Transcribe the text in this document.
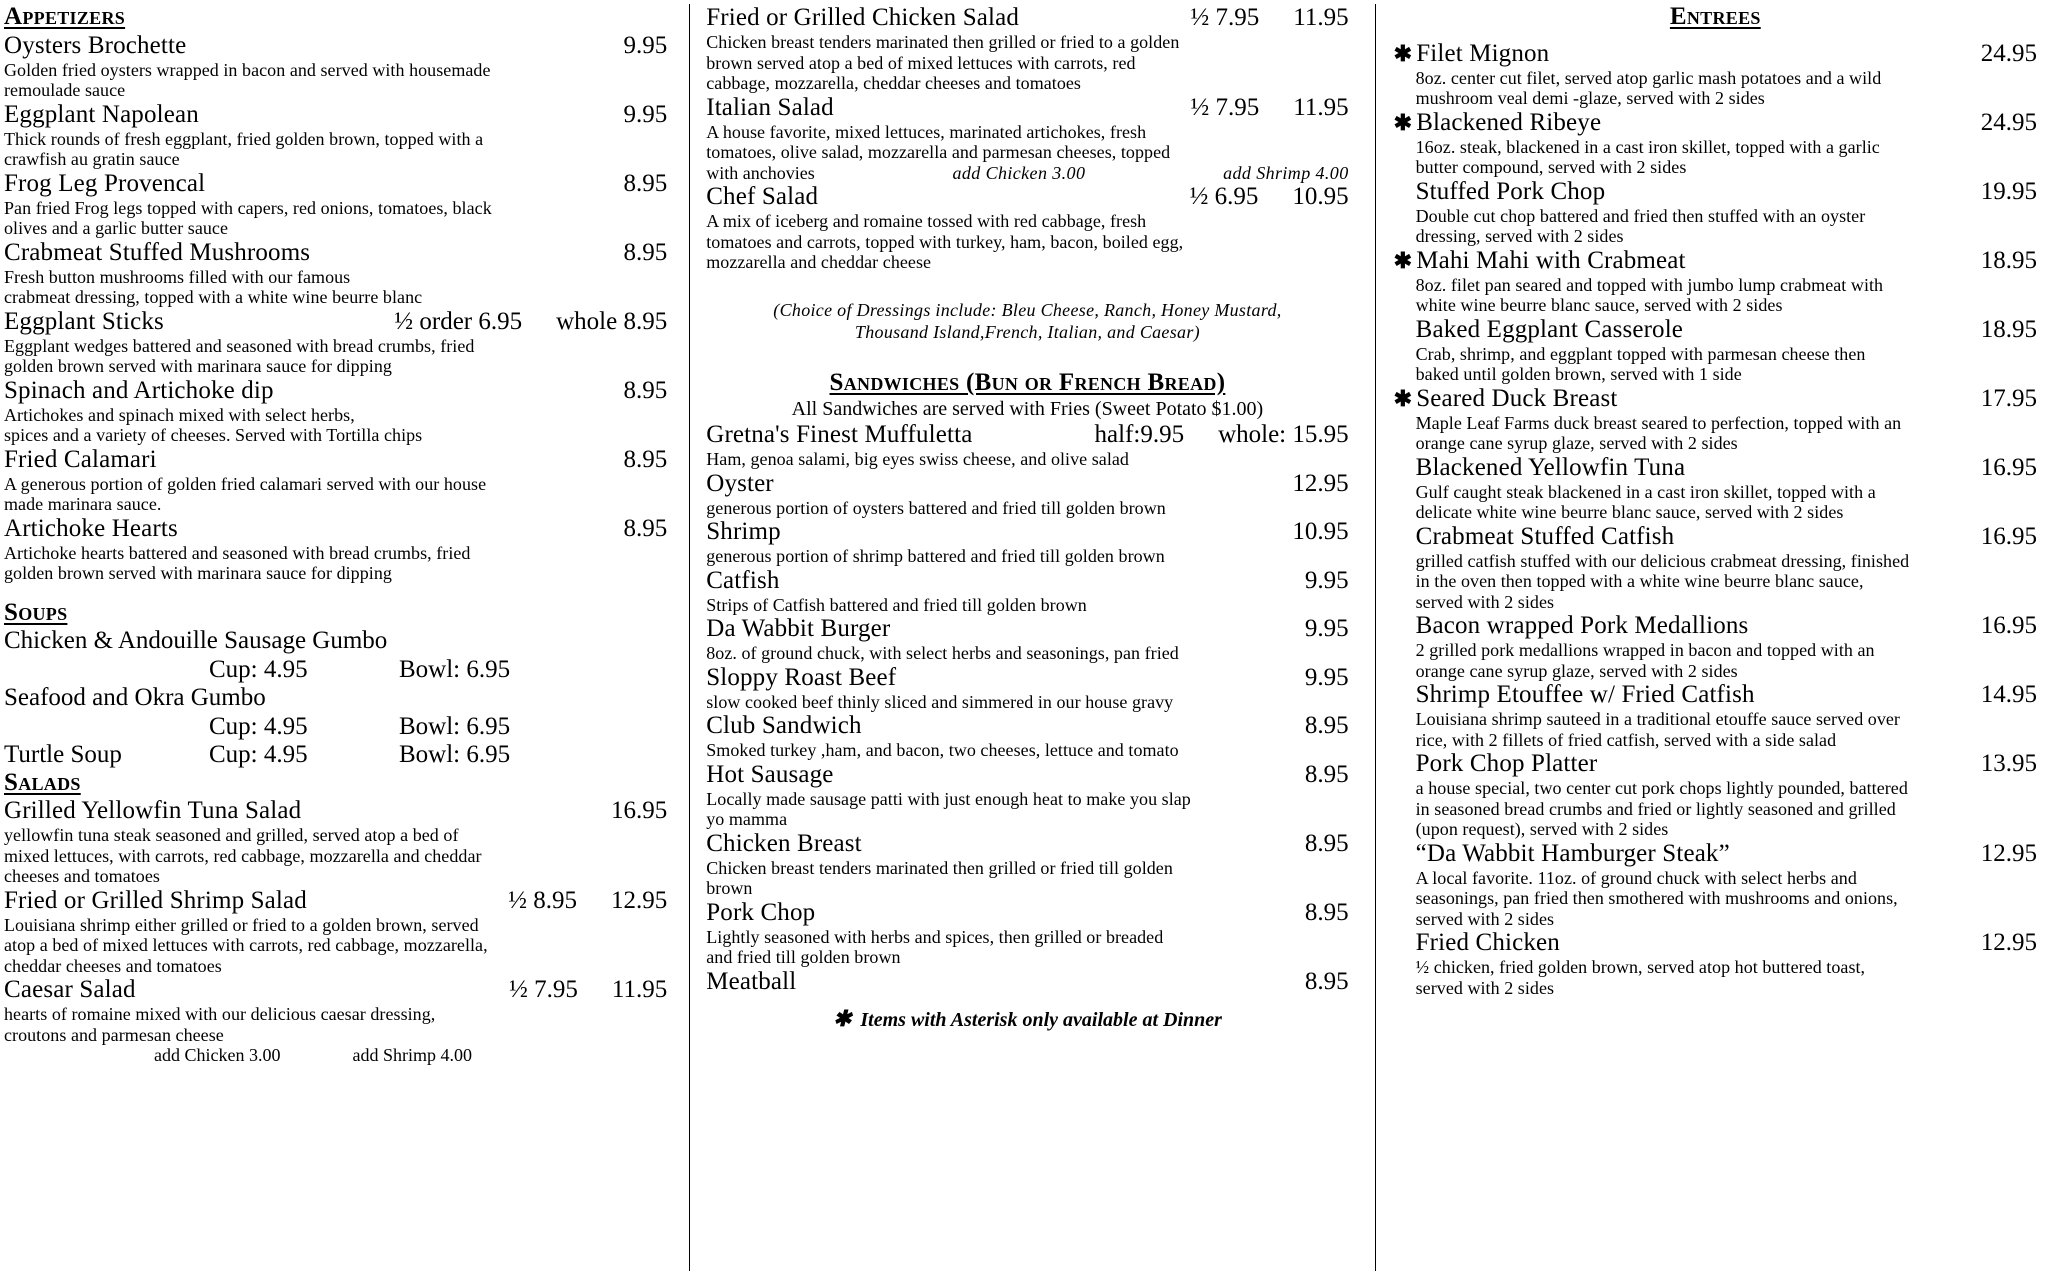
Appetizers
Oysters Brochette	9.95
Golden fried oysters wrapped in bacon and served with housemade
remoulade sauce
Eggplant Napolean	9.95
Thick rounds of fresh eggplant, fried golden brown, topped with a
crawfish au gratin sauce
Frog Leg Provencal	8.95
Pan fried Frog legs topped with capers, red onions, tomatoes, black
olives and a garlic butter sauce
Crabmeat Stuffed Mushrooms	8.95
Fresh button mushrooms filled with our famous
crabmeat dressing, topped with a white wine beurre blanc
Eggplant Sticks	½ order 6.95	whole 8.95
Eggplant wedges battered and seasoned with bread crumbs, fried
golden brown served with marinara sauce for dipping
Spinach and Artichoke dip	8.95
Artichokes and spinach mixed with select herbs,
spices and a variety of cheeses. Served with Tortilla chips
Fried Calamari	8.95
A generous portion of golden fried calamari served with our house
made marinara sauce.
Artichoke Hearts	8.95
Artichoke hearts battered and seasoned with bread crumbs, fried
golden brown served with marinara sauce for dipping
Soups
Chicken & Andouille Sausage Gumbo
Cup: 4.95	Bowl: 6.95
Seafood and Okra Gumbo
Cup: 4.95	Bowl: 6.95
Turtle Soup	Cup: 4.95	Bowl: 6.95
Salads
Grilled Yellowfin Tuna Salad	16.95
yellowfin tuna steak seasoned and grilled, served atop a bed of
mixed lettuces, with carrots, red cabbage, mozzarella and cheddar
cheeses and tomatoes
Fried or Grilled Shrimp Salad	½ 8.95	12.95
Louisiana shrimp either grilled or fried to a golden brown, served
atop a bed of mixed lettuces with carrots, red cabbage, mozzarella,
cheddar cheeses and tomatoes
Caesar Salad	½ 7.95	11.95
hearts of romaine mixed with our delicious caesar dressing,
croutons and parmesan cheese
add Chicken 3.00	add Shrimp 4.00
Fried or Grilled Chicken Salad	½ 7.95	11.95
Chicken breast tenders marinated then grilled or fried to a golden
brown served atop a bed of mixed lettuces with carrots, red
cabbage, mozzarella, cheddar cheeses and tomatoes
Italian Salad	½ 7.95	11.95
A house favorite, mixed lettuces, marinated artichokes, fresh
tomatoes, olive salad, mozzarella and parmesan cheeses, topped
with anchovies	add Chicken 3.00	add Shrimp 4.00
Chef Salad	½ 6.95	10.95
A mix of iceberg and romaine tossed with red cabbage, fresh
tomatoes and carrots, topped with turkey, ham, bacon, boiled egg,
mozzarella and cheddar cheese
(Choice of Dressings include: Bleu Cheese, Ranch, Honey Mustard,
Thousand Island,French, Italian, and Caesar)
Sandwiches (Bun or French Bread)
All Sandwiches are served with Fries (Sweet Potato $1.00)
Gretna's Finest Muffuletta	half:9.95	whole: 15.95
Ham, genoa salami, big eyes swiss cheese, and olive salad
Oyster	12.95
generous portion of oysters battered and fried till golden brown
Shrimp	10.95
generous portion of shrimp battered and fried till golden brown
Catfish	9.95
Strips of Catfish battered and fried till golden brown
Da Wabbit Burger	9.95
8oz. of ground chuck, with select herbs and seasonings, pan fried
Sloppy Roast Beef	9.95
slow cooked beef thinly sliced and simmered in our house gravy
Club Sandwich	8.95
Smoked turkey ,ham, and bacon, two cheeses, lettuce and tomato
Hot Sausage	8.95
Locally made sausage patti with just enough heat to make you slap
yo mamma
Chicken Breast	8.95
Chicken breast tenders marinated then grilled or fried till golden
brown
Pork Chop	8.95
Lightly seasoned with herbs and spices, then grilled or breaded
and fried till golden brown
Meatball	8.95
✱ Items with Asterisk only available at Dinner
Entrees
✱ Filet Mignon	24.95
8oz. center cut filet, served atop garlic mash potatoes and a wild
mushroom veal demi -glaze, served with 2 sides
✱ Blackened Ribeye	24.95
16oz. steak, blackened in a cast iron skillet, topped with a garlic
butter compound, served with 2 sides
Stuffed Pork Chop	19.95
Double cut chop battered and fried then stuffed with an oyster
dressing, served with 2 sides
✱ Mahi Mahi with Crabmeat	18.95
8oz. filet pan seared and topped with jumbo lump crabmeat with
white wine beurre blanc sauce, served with 2 sides
Baked Eggplant Casserole	18.95
Crab, shrimp, and eggplant topped with parmesan cheese then
baked until golden brown, served with 1 side
✱ Seared Duck Breast	17.95
Maple Leaf Farms duck breast seared to perfection, topped with an
orange cane syrup glaze, served with 2 sides
Blackened Yellowfin Tuna	16.95
Gulf caught steak blackened in a cast iron skillet, topped with a
delicate white wine beurre blanc sauce, served with 2 sides
Crabmeat Stuffed Catfish	16.95
grilled catfish stuffed with our delicious crabmeat dressing, finished
in the oven then topped with a white wine beurre blanc sauce,
served with 2 sides
Bacon wrapped Pork Medallions	16.95
2 grilled pork medallions wrapped in bacon and topped with an
orange cane syrup glaze, served with 2 sides
Shrimp Etouffee w/ Fried Catfish	14.95
Louisiana shrimp sauteed in a traditional etouffe sauce served over
rice, with 2 fillets of fried catfish, served with a side salad
Pork Chop Platter	13.95
a house special, two center cut pork chops lightly pounded, battered
in seasoned bread crumbs and fried or lightly seasoned and grilled
(upon request), served with 2 sides
“Da Wabbit Hamburger Steak”	12.95
A local favorite. 11oz. of ground chuck with select herbs and
seasonings, pan fried then smothered with mushrooms and onions,
served with 2 sides
Fried Chicken	12.95
½ chicken, fried golden brown, served atop hot buttered toast,
served with 2 sides
